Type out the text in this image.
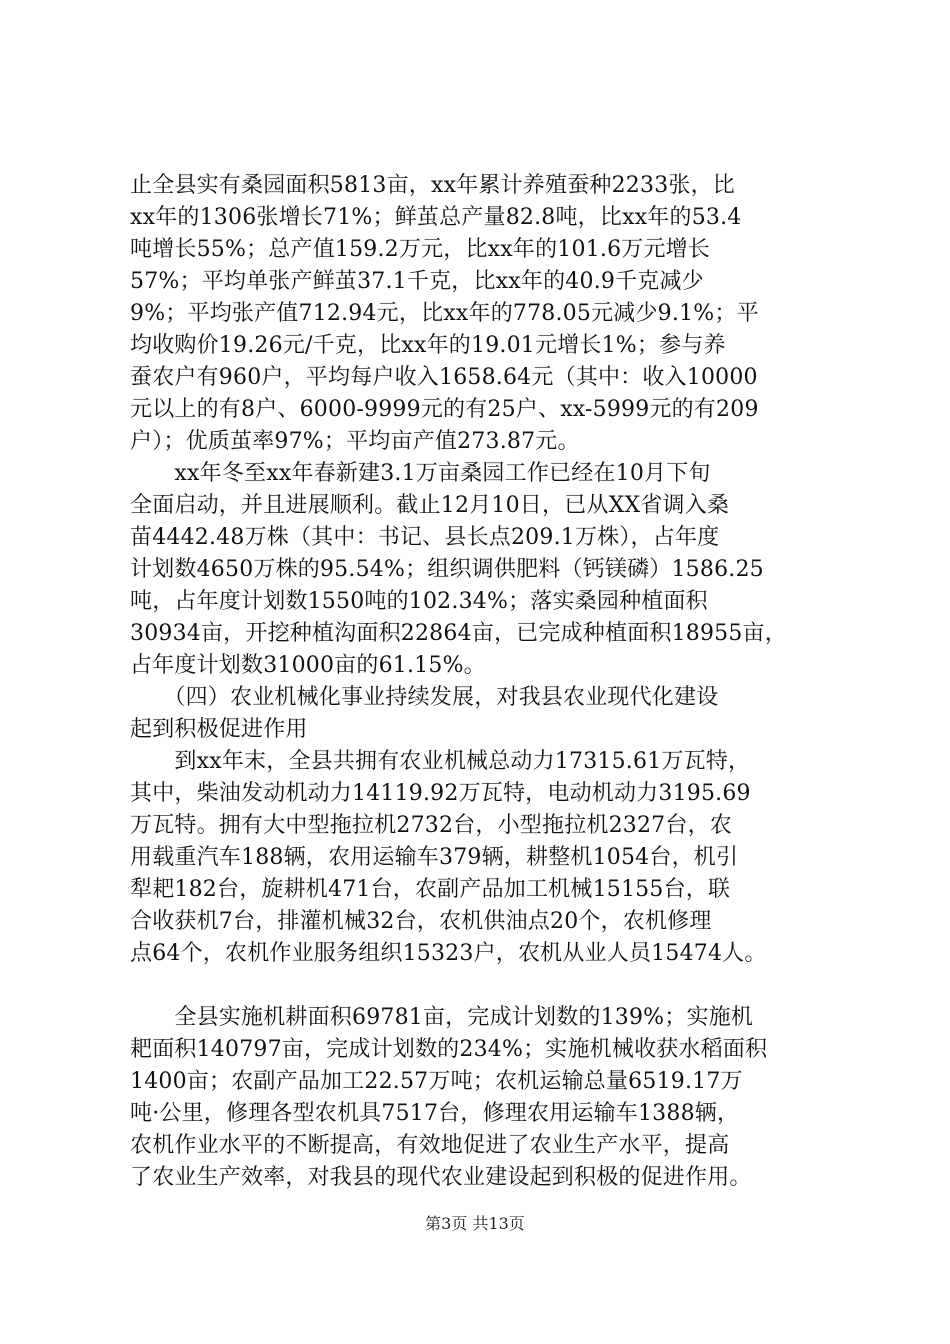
止全县实有桑园面积5813亩，xx年累计养殖蚕种2233张，比
xx年的1306张增长71%；鲜茧总产量82.8吨，比xx年的53.4
吨增长55%；总产值159.2万元，比xx年的101.6万元增长
57%；平均单张产鲜茧37.1千克，比xx年的40.9千克减少
9%；平均张产值712.94元，比xx年的778.05元减少9.1%；平
均收购价19.26元/千克，比xx年的19.01元增长1%；参与养
蚕农户有960户，平均每户收入1658.64元（其中：收入10000
元以上的有8户、6000-9999元的有25户、xx-5999元的有209
户）；优质茧率97%；平均亩产值273.87元。
　　xx年冬至xx年春新建3.1万亩桑园工作已经在10月下旬
全面启动，并且进展顺利。截止12月10日，已从XX省调入桑
苗4442.48万株（其中：书记、县长点209.1万株），占年度
计划数4650万株的95.54%；组织调供肥料（钙镁磷）1586.25
吨，占年度计划数1550吨的102.34%；落实桑园种植面积
30934亩，开挖种植沟面积22864亩，已完成种植面积18955亩，
占年度计划数31000亩的61.15%。
　　（四）农业机械化事业持续发展，对我县农业现代化建设
起到积极促进作用
　　到xx年末，全县共拥有农业机械总动力17315.61万瓦特，
其中，柴油发动机动力14119.92万瓦特，电动机动力3195.69
万瓦特。拥有大中型拖拉机2732台，小型拖拉机2327台，农
用载重汽车188辆，农用运输车379辆，耕整机1054台，机引
犁耙182台，旋耕机471台，农副产品加工机械15155台，联
合收获机7台，排灌机械32台，农机供油点20个，农机修理
点64个，农机作业服务组织15323户，农机从业人员15474人。
　　全县实施机耕面积69781亩，完成计划数的139%；实施机
耙面积140797亩，完成计划数的234%；实施机械收获水稻面积
1400亩；农副产品加工22.57万吨；农机运输总量6519.17万
吨·公里，修理各型农机具7517台，修理农用运输车1388辆，
农机作业水平的不断提高，有效地促进了农业生产水平，提高
了农业生产效率，对我县的现代农业建设起到积极的促进作用。
第3页 共13页
